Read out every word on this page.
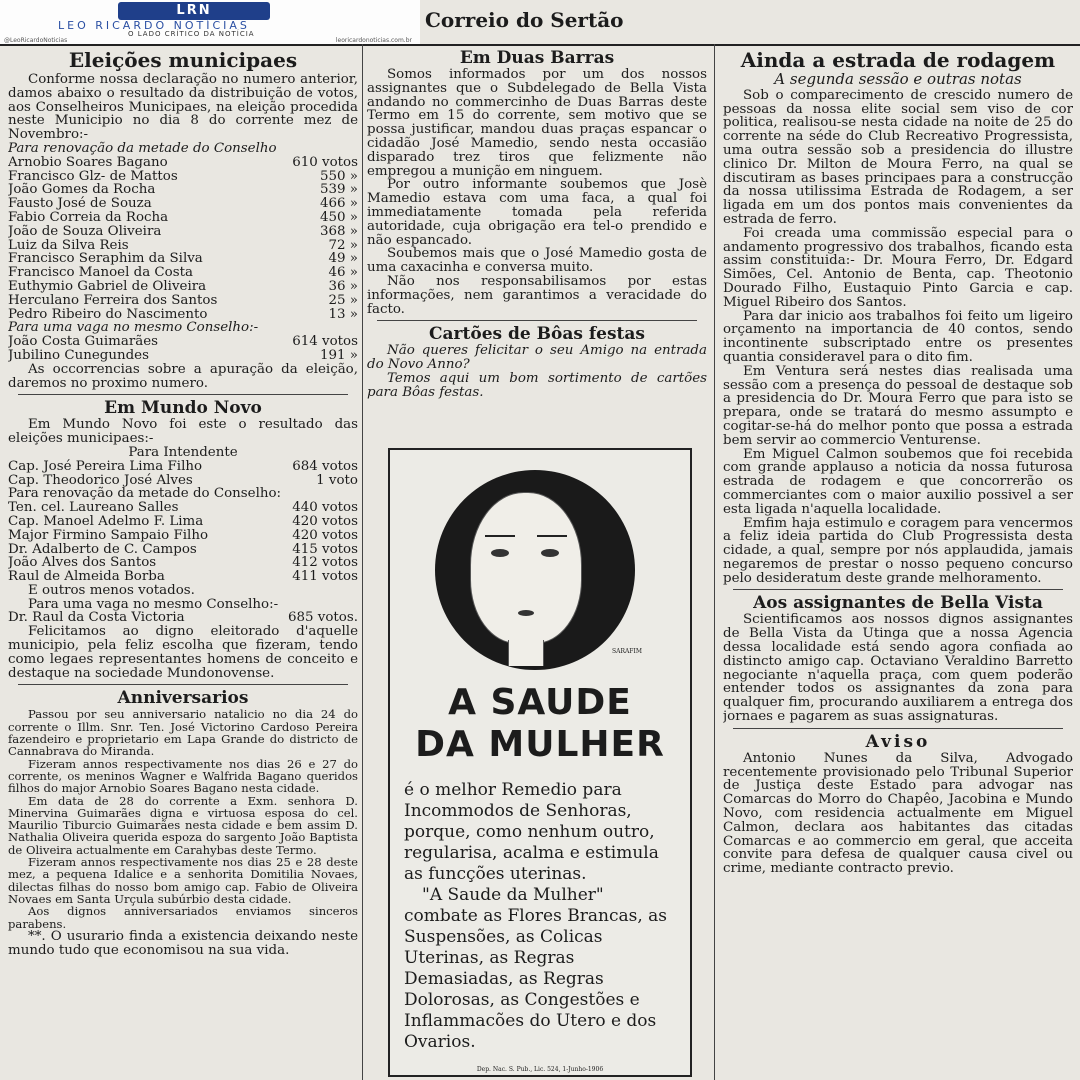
LRN
LEO RICARDO NOTÍCIAS
O LADO CRÍTICO DA NOTÍCIA
@LeoRicardoNoticias	leoricardonoticias.com.br
Correio do Sertão
Eleições municipaes

Conforme nossa declaração no numero anterior, damos abaixo o resultado da distribuição de votos, aos Conselheiros Municipaes, na eleição procedida neste Municipio no dia 8 do corrente mez de Novembro:-

Para renovação da metade do Conselho
Arnobio Soares Bagano	610 votos
Francisco Glz- de Mattos	550 »
João Gomes da Rocha	539 »
Fausto José de Souza	466 »
Fabio Correia da Rocha	450 »
João de Souza Oliveira	368 »
Luiz da Silva Reis	72 »
Francisco Seraphim da Silva	49 »
Francisco Manoel da Costa	46 »
Euthymio Gabriel de Oliveira	36 »
Herculano Ferreira dos Santos	25 »
Pedro Ribeiro do Nascimento	13 »
Para uma vaga no mesmo Conselho:-
João Costa Guimarães	614 votos
Jubilino Cunegundes	191 »

As occorrencias sobre a apuração da eleição, daremos no proximo numero.

Em Mundo Novo

Em Mundo Novo foi este o resultado das eleições municipaes:-

Para Intendente
Cap. José Pereira Lima Filho	684 votos
Cap. Theodorico José Alves	1 voto
Para renovação da metade do Conselho:
Ten. cel. Laureano Salles	440 votos
Cap. Manoel Adelmo F. Lima	420 votos
Major Firmino Sampaio Filho	420 votos
Dr. Adalberto de C. Campos	415 votos
João Alves dos Santos	412 votos
Raul de Almeida Borba	411 votos

E outros menos votados.

Para uma vaga no mesmo Conselho:-

Dr. Raul da Costa Victoria	685 votos.

Felicitamos ao digno eleitorado d'aquelle municipio, pela feliz escolha que fizeram, tendo como legaes representantes homens de conceito e destaque na sociedade Mundonovense.

Anniversarios

Passou por seu anniversario natalicio no dia 24 do corrente o Illm. Snr. Ten. José Victorino Cardoso Pereira fazendeiro e proprietario em Lapa Grande do districto de Cannabrava do Miranda.

Fizeram annos respectivamente nos dias 26 e 27 do corrente, os meninos Wagner e Walfrida Bagano queridos filhos do major Arnobio Soares Bagano nesta cidade.

Em data de 28 do corrente a Exm. senhora D. Minervina Guimarães digna e virtuosa esposa do cel. Maurilio Tiburcio Guimarães nesta cidade e bem assim D. Nathalia Oliveira querida espoza do sargento João Baptista de Oliveira actualmente em Carahybas deste Termo.

Fizeram annos respectivamente nos dias 25 e 28 deste mez, a pequena Idalice e a senhorita Domitilia Novaes, dilectas filhas do nosso bom amigo cap. Fabio de Oliveira Novaes em Santa Urçula subúrbio desta cidade.

Aos dignos anniversariados enviamos sinceros parabens.

**. O usurario finda a existencia deixando neste mundo tudo que economisou na sua vida.

Em Duas Barras

Somos informados por um dos nossos assignantes que o Subdelegado de Bella Vista andando no commercinho de Duas Barras deste Termo em 15 do corrente, sem motivo que se possa justificar, mandou duas praças espancar o cidadão José Mamedio, sendo nesta occasião disparado trez tiros que felizmente não empregou a munição em ninguem.

Por outro informante soubemos que Josè Mamedio estava com uma faca, a qual foi immediatamente tomada pela referida autoridade, cuja obrigação era tel-o prendido e não espancado.

Soubemos mais que o José Mamedio gosta de uma caxacinha e conversa muito.

Não nos responsabilisamos por estas informações, nem garantimos a veracidade do facto.

Cartões de Bôas festas

Não queres felicitar o seu Amigo na entrada do Novo Anno?

Temos aqui um bom sortimento de cartões para Bôas festas.

SARAFIM
A SAUDE
DA MULHER
é o melhor Remedio para Incommodos de Senhoras, porque, como nenhum outro, regularisa, acalma e estimula as funcções uterinas.
"A Saude da Mulher" combate as Flores Brancas, as Suspensões, as Colicas Uterinas, as Regras Demasiadas, as Regras Dolorosas, as Congestões e Inflammacões do Utero e dos Ovarios.
Dep. Nac. S. Pub., Lic. 524, 1-Junho-1906
Ainda a estrada de rodagem
A segunda sessão e outras notas

Sob o comparecimento de crescido numero de pessoas da nossa elite social sem viso de cor politica, realisou-se nesta cidade na noite de 25 do corrente na séde do Club Recreativo Progressista, uma outra sessão sob a presidencia do illustre clinico Dr. Milton de Moura Ferro, na qual se discutiram as bases principaes para a construcção da nossa utilissima Estrada de Rodagem, a ser ligada em um dos pontos mais convenientes da estrada de ferro.

Foi creada uma commissão especial para o andamento progressivo dos trabalhos, ficando esta assim constituida:- Dr. Moura Ferro, Dr. Edgard Simões, Cel. Antonio de Benta, cap. Theotonio Dourado Filho, Eustaquio Pinto Garcia e cap. Miguel Ribeiro dos Santos.

Para dar inicio aos trabalhos foi feito um ligeiro orçamento na importancia de 40 contos, sendo incontinente subscriptado entre os presentes quantia consideravel para o dito fim.

Em Ventura será nestes dias realisada uma sessão com a presença do pessoal de destaque sob a presidencia do Dr. Moura Ferro que para isto se prepara, onde se tratará do mesmo assumpto e cogitar-se-há do melhor ponto que possa a estrada bem servir ao commercio Venturense.

Em Miguel Calmon soubemos que foi recebida com grande applauso a noticia da nossa futurosa estrada de rodagem e que concorrerão os commerciantes com o maior auxilio possivel a ser esta ligada n'aquella localidade.

Emfim haja estimulo e coragem para vencermos a feliz ideia partida do Club Progressista desta cidade, a qual, sempre por nós applaudida, jamais negaremos de prestar o nosso pequeno concurso pelo desideratum deste grande melhoramento.

Aos assignantes de Bella Vista

Scientificamos aos nossos dignos assignantes de Bella Vista da Utinga que a nossa Agencia dessa localidade está sendo agora confiada ao distincto amigo cap. Octaviano Veraldino Barretto negociante n'aquella praça, com quem poderão entender todos os assignantes da zona para qualquer fim, procurando auxiliarem a entrega dos jornaes e pagarem as suas assignaturas.

Aviso

Antonio Nunes da Silva, Advogado recentemente provisionado pelo Tribunal Superior de Justiça deste Estado para advogar nas Comarcas do Morro do Chapêo, Jacobina e Mundo Novo, com residencia actualmente em Miguel Calmon, declara aos habitantes das citadas Comarcas e ao commercio em geral, que acceita convite para defesa de qualquer causa civel ou crime, mediante contracto previo.
